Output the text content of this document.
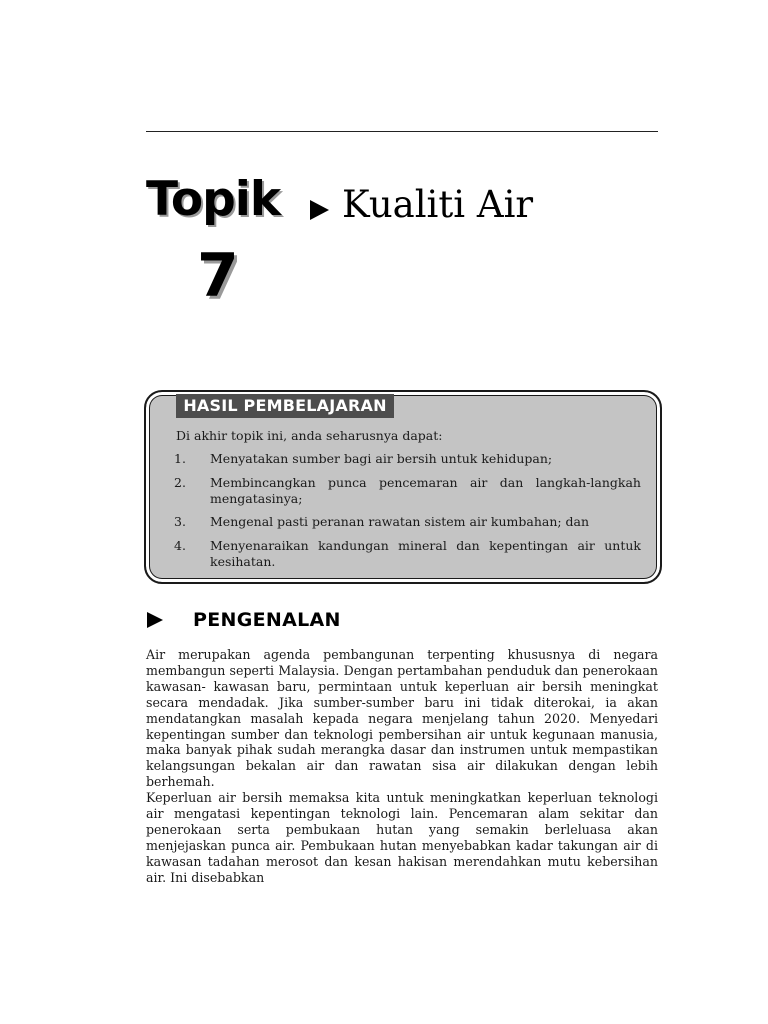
Topik
7
Kualiti Air
HASIL PEMBELAJARAN
Di akhir topik ini, anda seharusnya dapat:
1. Menyatakan sumber bagi air bersih untuk kehidupan;
2. Membincangkan punca pencemaran air dan langkah-langkah mengatasinya;
3. Mengenal pasti peranan rawatan sistem air kumbahan; dan
4. Menyenaraikan kandungan mineral dan kepentingan air untuk kesihatan.
PENGENALAN

Air merupakan agenda pembangunan terpenting khususnya di negara membangun seperti Malaysia. Dengan pertambahan penduduk dan penerokaan kawasan- kawasan baru, permintaan untuk keperluan air bersih meningkat secara mendadak. Jika sumber-sumber baru ini tidak diterokai, ia akan mendatangkan masalah kepada negara menjelang tahun 2020. Menyedari kepentingan sumber dan teknologi pembersihan air untuk kegunaan manusia, maka banyak pihak sudah merangka dasar dan instrumen untuk mempastikan kelangsungan bekalan air dan rawatan sisa air dilakukan dengan lebih berhemah.

Keperluan air bersih memaksa kita untuk meningkatkan keperluan teknologi air mengatasi kepentingan teknologi lain. Pencemaran alam sekitar dan penerokaan serta pembukaan hutan yang semakin berleluasa akan menjejaskan punca air. Pembukaan hutan menyebabkan kadar takungan air di kawasan tadahan merosot dan kesan hakisan merendahkan mutu kebersihan air. Ini disebabkan
